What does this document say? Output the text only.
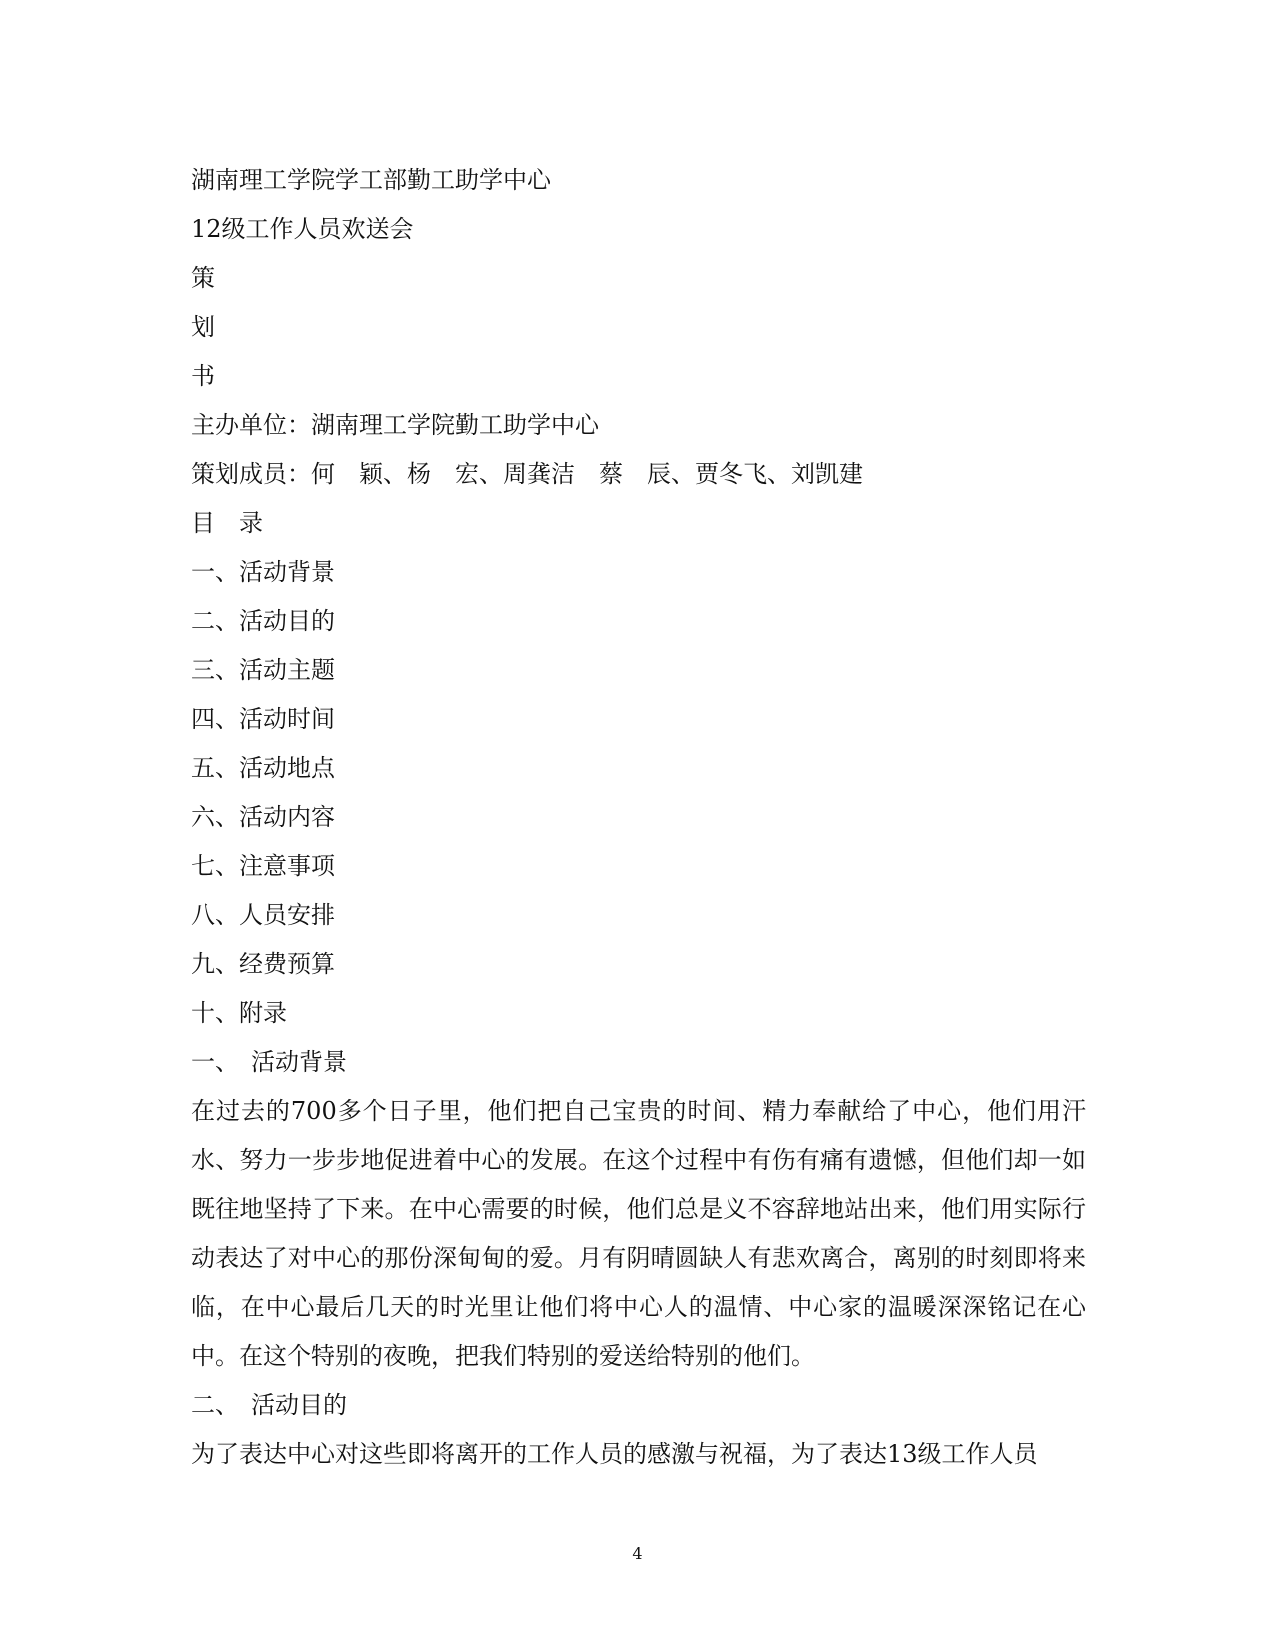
湖南理工学院学工部勤工助学中心
12级工作人员欢送会
策
划
书
主办单位：湖南理工学院勤工助学中心
策划成员：何　颖、杨　宏、周龚洁　蔡　辰、贾冬飞、刘凯建
目　录
一、活动背景
二、活动目的
三、活动主题
四、活动时间
五、活动地点
六、活动内容
七、注意事项
八、人员安排
九、经费预算
十、附录
一、　活动背景

在过去的700多个日子里，他们把自己宝贵的时间、精力奉献给了中心，他们用汗水、努力一步步地促进着中心的发展。在这个过程中有伤有痛有遗憾，但他们却一如既往地坚持了下来。在中心需要的时候，他们总是义不容辞地站出来，他们用实际行动表达了对中心的那份深甸甸的爱。月有阴晴圆缺人有悲欢离合，离别的时刻即将来临，在中心最后几天的时光里让他们将中心人的温情、中心家的温暖深深铭记在心中。在这个特别的夜晚，把我们特别的爱送给特别的他们。

二、　活动目的

为了表达中心对这些即将离开的工作人员的感激与祝福，为了表达13级工作人员

4
